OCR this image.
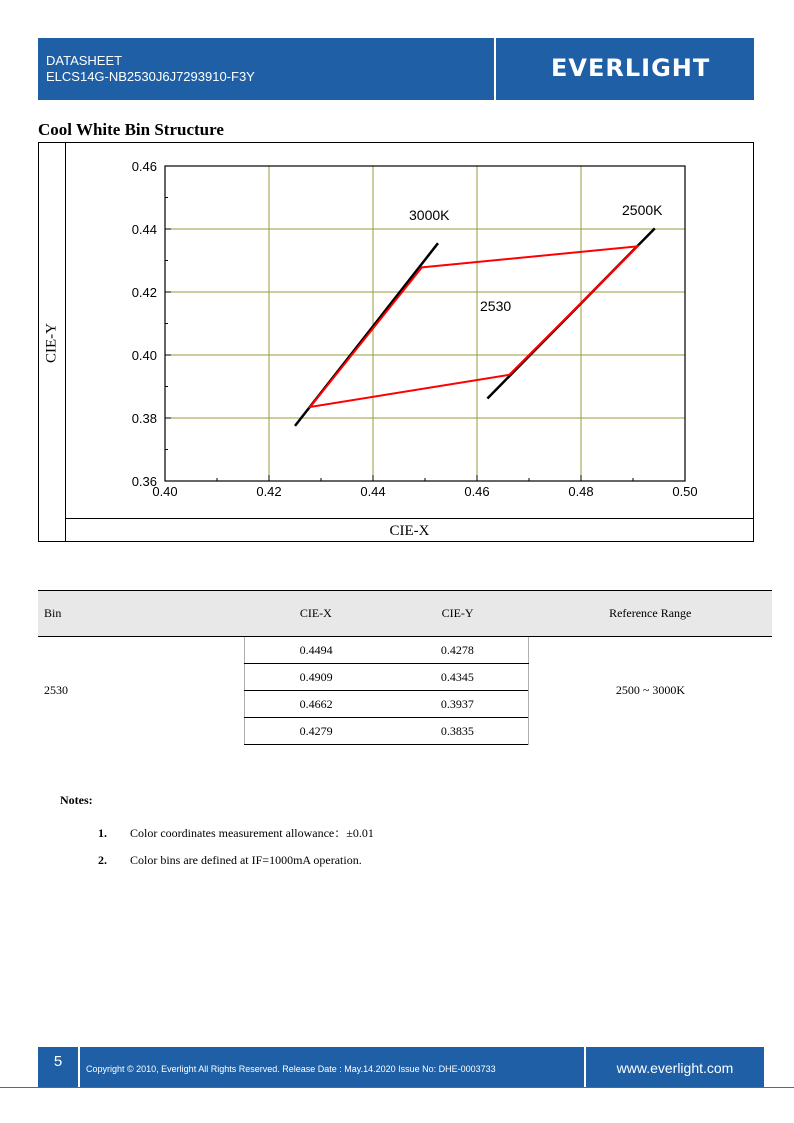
DATASHEET
ELCS14G-NB2530J6J7293910-F3Y	EVERLIGHT
Cool White Bin Structure
CIE-Y
0.40	0.42	0.44	0.46	0.48	0.50
0.36
0.38
0.40
0.42
0.44
0.46
3000K	2500K
2530
CIE-X
Bin	CIE-X	CIE-Y	Reference Range
2530	0.4494	0.4278	2500 ~ 3000K
	0.4909	0.4345	
	0.4662	0.3937	
	0.4279	0.3835	
Notes:
1. Color coordinates measurement allowance：±0.01
2. Color bins are defined at IF=1000mA operation.
5	Copyright © 2010, Everlight All Rights Reserved. Release Date : May.14.2020 Issue No: DHE-0003733	www.everlight.com
